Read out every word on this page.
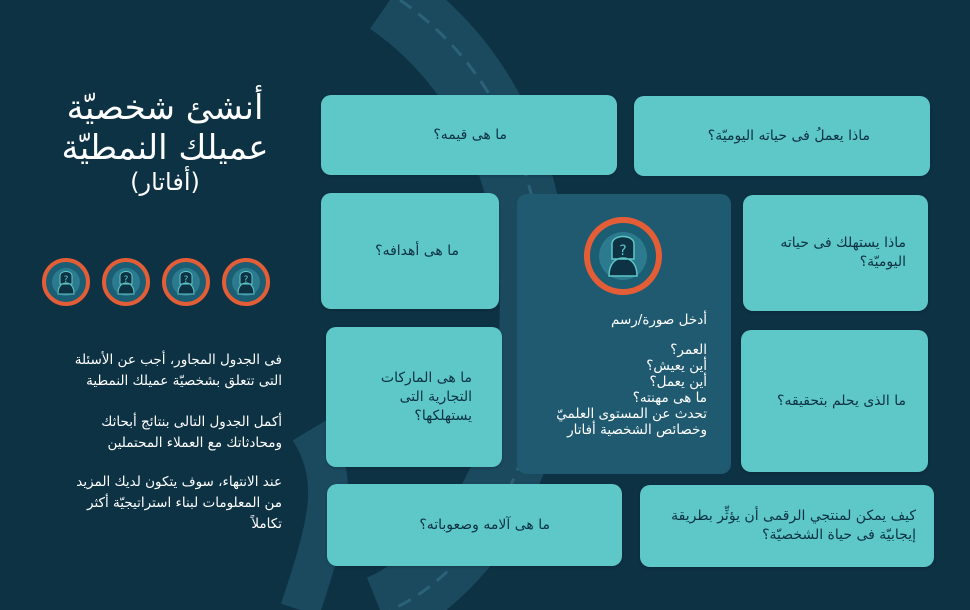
أنشئ شخصيّة
عميلك النمطيّة
(أفاتار)
?	?	?	?
فى الجدول المجاور، أجب عن الأسئلة
التى تتعلق بشخصيّة عميلك النمطية
أكمل الجدول التالى بنتائج أبحاثك
ومحادثاتك مع العملاء المحتملين
عند الانتهاء، سوف يتكون لديك المزيد
من المعلومات لبناء استراتيجيّة أكثر
تكاملاً
ما هى قيمه؟	ماذا يعملُ فى حياته اليوميّة؟
ما هى أهدافه؟	ماذا يستهلك فى حياته
اليوميّة؟
ما هى الماركات
التجارية التى
يستهلكها؟
ما الذى يحلم بتحقيقه؟
ما هى آلامه وصعوباته؟
كيف يمكن لمنتجي الرقمى أن يؤثِّر بطريقة
إيجابيّة فى حياة الشخصيّة؟
?
أدخل صورة/رسم
العمر؟
أين يعيش؟
أين يعمل؟
ما هى مهنته؟
تحدث عن المستوى العلميّ
وخصائص الشخصية أفاتار
